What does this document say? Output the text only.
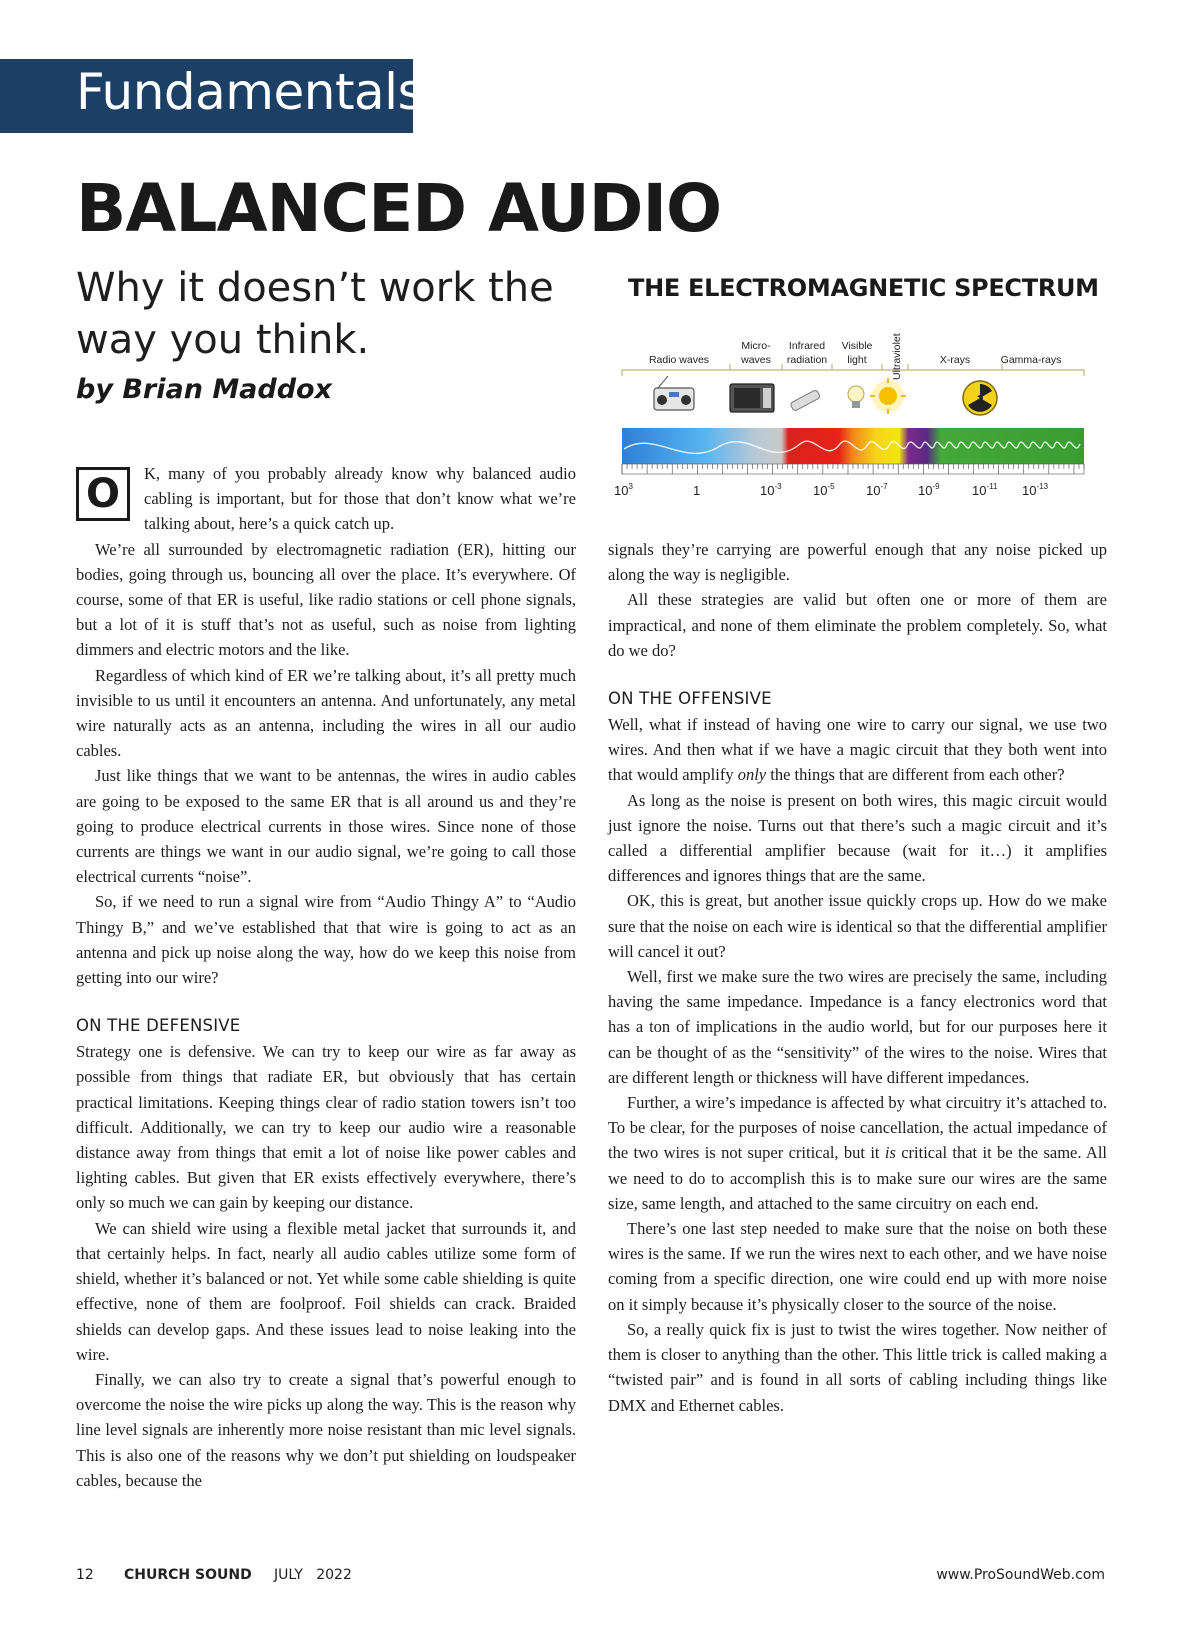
Fundamentals
BALANCED AUDIO
Why it doesn’t work the way you think.
by Brian Maddox
THE ELECTROMAGNETIC SPECTRUM
Radio waves
Micro-
waves
Infrared
radiation
Visible
light Ultraviolet	X-rays	Gamma-rays
$10^3$	1	$10^{-3}$ $10^{-5}$ $10^{-7}$ $10^{-9}$ $10^{-11}$ $10^{-13}$
O	K, many of you probably already know why balanced audio cabling is important, but for those that don’t know what we’re talking about, here’s a quick catch up.

We’re all surrounded by electromagnetic radiation (ER), hitting our bodies, going through us, bouncing all over the place. It’s everywhere. Of course, some of that ER is useful, like radio stations or cell phone signals, but a lot of it is stuff that’s not as useful, such as noise from lighting dimmers and electric motors and the like.

Regardless of which kind of ER we’re talking about, it’s all pretty much invisible to us until it encounters an antenna. And unfortunately, any metal wire naturally acts as an antenna, including the wires in all our audio cables.

Just like things that we want to be antennas, the wires in audio cables are going to be exposed to the same ER that is all around us and they’re going to produce electrical currents in those wires. Since none of those currents are things we want in our audio signal, we’re going to call those electrical currents “noise”.

So, if we need to run a signal wire from “Audio Thingy A” to “Audio Thingy B,” and we’ve established that that wire is going to act as an antenna and pick up noise along the way, how do we keep this noise from getting into our wire?

ON THE DEFENSIVE

Strategy one is defensive. We can try to keep our wire as far away as possible from things that radiate ER, but obviously that has certain practical limitations. Keeping things clear of radio station towers isn’t too difficult. Additionally, we can try to keep our audio wire a reasonable distance away from things that emit a lot of noise like power cables and lighting cables. But given that ER exists effectively everywhere, there’s only so much we can gain by keeping our distance.

We can shield wire using a flexible metal jacket that surrounds it, and that certainly helps. In fact, nearly all audio cables utilize some form of shield, whether it’s balanced or not. Yet while some cable shielding is quite effective, none of them are foolproof. Foil shields can crack. Braided shields can develop gaps. And these issues lead to noise leaking into the wire.

Finally, we can also try to create a signal that’s powerful enough to overcome the noise the wire picks up along the way. This is the reason why line level signals are inherently more noise resistant than mic level signals. This is also one of the reasons why we don’t put shielding on loudspeaker cables, because the

signals they’re carrying are powerful enough that any noise picked up along the way is negligible.

All these strategies are valid but often one or more of them are impractical, and none of them eliminate the problem completely. So, what do we do?

ON THE OFFENSIVE

Well, what if instead of having one wire to carry our signal, we use two wires. And then what if we have a magic circuit that they both went into that would amplify only the things that are different from each other?

As long as the noise is present on both wires, this magic circuit would just ignore the noise. Turns out that there’s such a magic circuit and it’s called a differential amplifier because (wait for it…) it amplifies differences and ignores things that are the same.

OK, this is great, but another issue quickly crops up. How do we make sure that the noise on each wire is identical so that the differential amplifier will cancel it out?

Well, first we make sure the two wires are precisely the same, including having the same impedance. Impedance is a fancy electronics word that has a ton of implications in the audio world, but for our purposes here it can be thought of as the “sensitivity” of the wires to the noise. Wires that are different length or thickness will have different impedances.

Further, a wire’s impedance is affected by what circuitry it’s attached to. To be clear, for the purposes of noise cancellation, the actual impedance of the two wires is not super critical, but it is critical that it be the same. All we need to do to accomplish this is to make sure our wires are the same size, same length, and attached to the same circuitry on each end.

There’s one last step needed to make sure that the noise on both these wires is the same. If we run the wires next to each other, and we have noise coming from a specific direction, one wire could end up with more noise on it simply because it’s physically closer to the source of the noise.

So, a really quick fix is just to twist the wires together. Now neither of them is closer to anything than the other. This little trick is called making a “twisted pair” and is found in all sorts of cabling including things like DMX and Ethernet cables.

12 CHURCH SOUND JULY   2022	www.ProSoundWeb.com
